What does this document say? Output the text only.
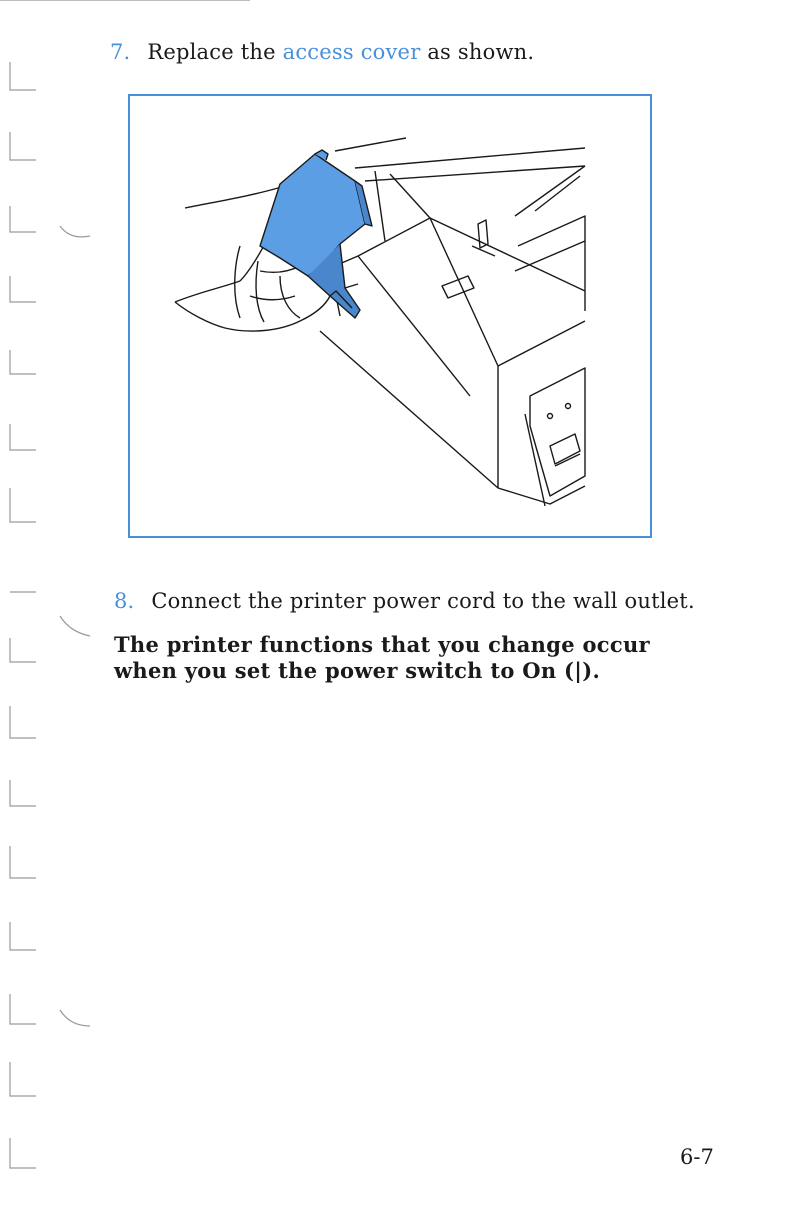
7. Replace the access cover as shown.
8. Connect the printer power cord to the wall outlet.
The printer functions that you change occur when you set the power switch to On (|).
6-7
